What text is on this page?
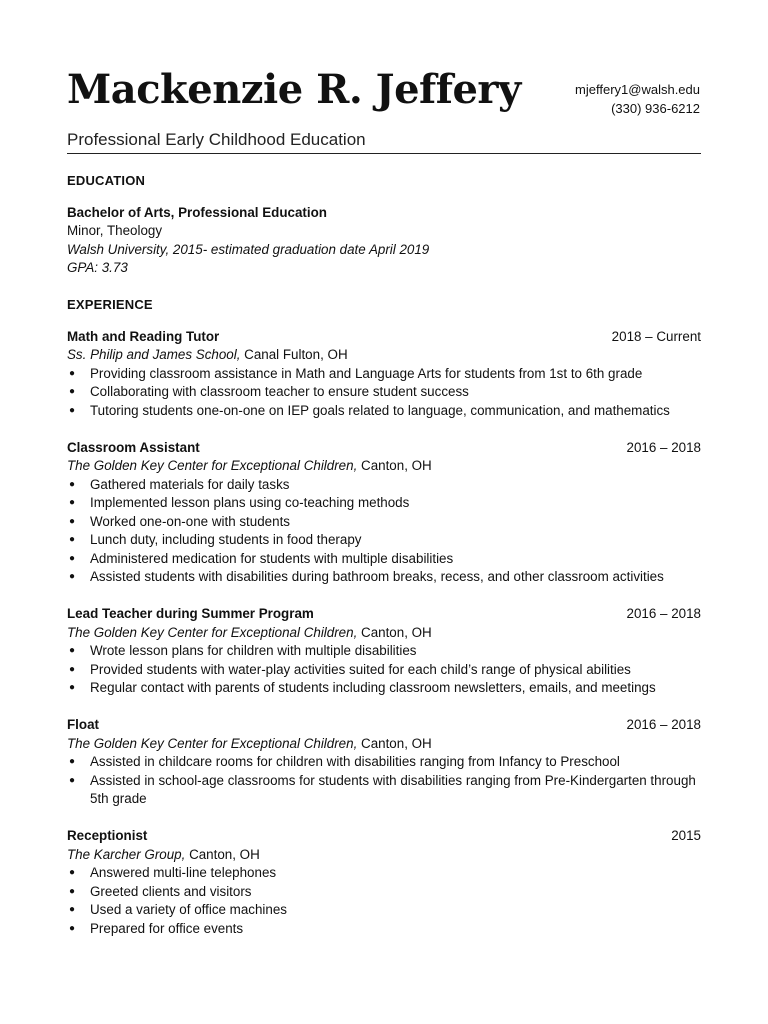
Mackenzie R. Jeffery	mjeffery1@walsh.edu
(330) 936-6212
Professional Early Childhood Education
EDUCATION
Bachelor of Arts, Professional Education
Minor, Theology
Walsh University, 2015- estimated graduation date April 2019
GPA: 3.73
EXPERIENCE
Math and Reading Tutor	2018 – Current
Ss. Philip and James School, Canal Fulton, OH
● Providing classroom assistance in Math and Language Arts for students from 1st to 6th grade
● Collaborating with classroom teacher to ensure student success
● Tutoring students one-on-one on IEP goals related to language, communication, and mathematics
Classroom Assistant	2016 – 2018
The Golden Key Center for Exceptional Children, Canton, OH
● Gathered materials for daily tasks
● Implemented lesson plans using co-teaching methods
● Worked one-on-one with students
● Lunch duty, including students in food therapy
● Administered medication for students with multiple disabilities
● Assisted students with disabilities during bathroom breaks, recess, and other classroom activities
Lead Teacher during Summer Program	2016 – 2018
The Golden Key Center for Exceptional Children, Canton, OH
● Wrote lesson plans for children with multiple disabilities
● Provided students with water-play activities suited for each child’s range of physical abilities
● Regular contact with parents of students including classroom newsletters, emails, and meetings
Float	2016 – 2018
The Golden Key Center for Exceptional Children, Canton, OH
● Assisted in childcare rooms for children with disabilities ranging from Infancy to Preschool
● Assisted in school-age classrooms for students with disabilities ranging from Pre-Kindergarten through 5th grade
Receptionist	2015
The Karcher Group, Canton, OH
● Answered multi-line telephones
● Greeted clients and visitors
● Used a variety of office machines
● Prepared for office events
